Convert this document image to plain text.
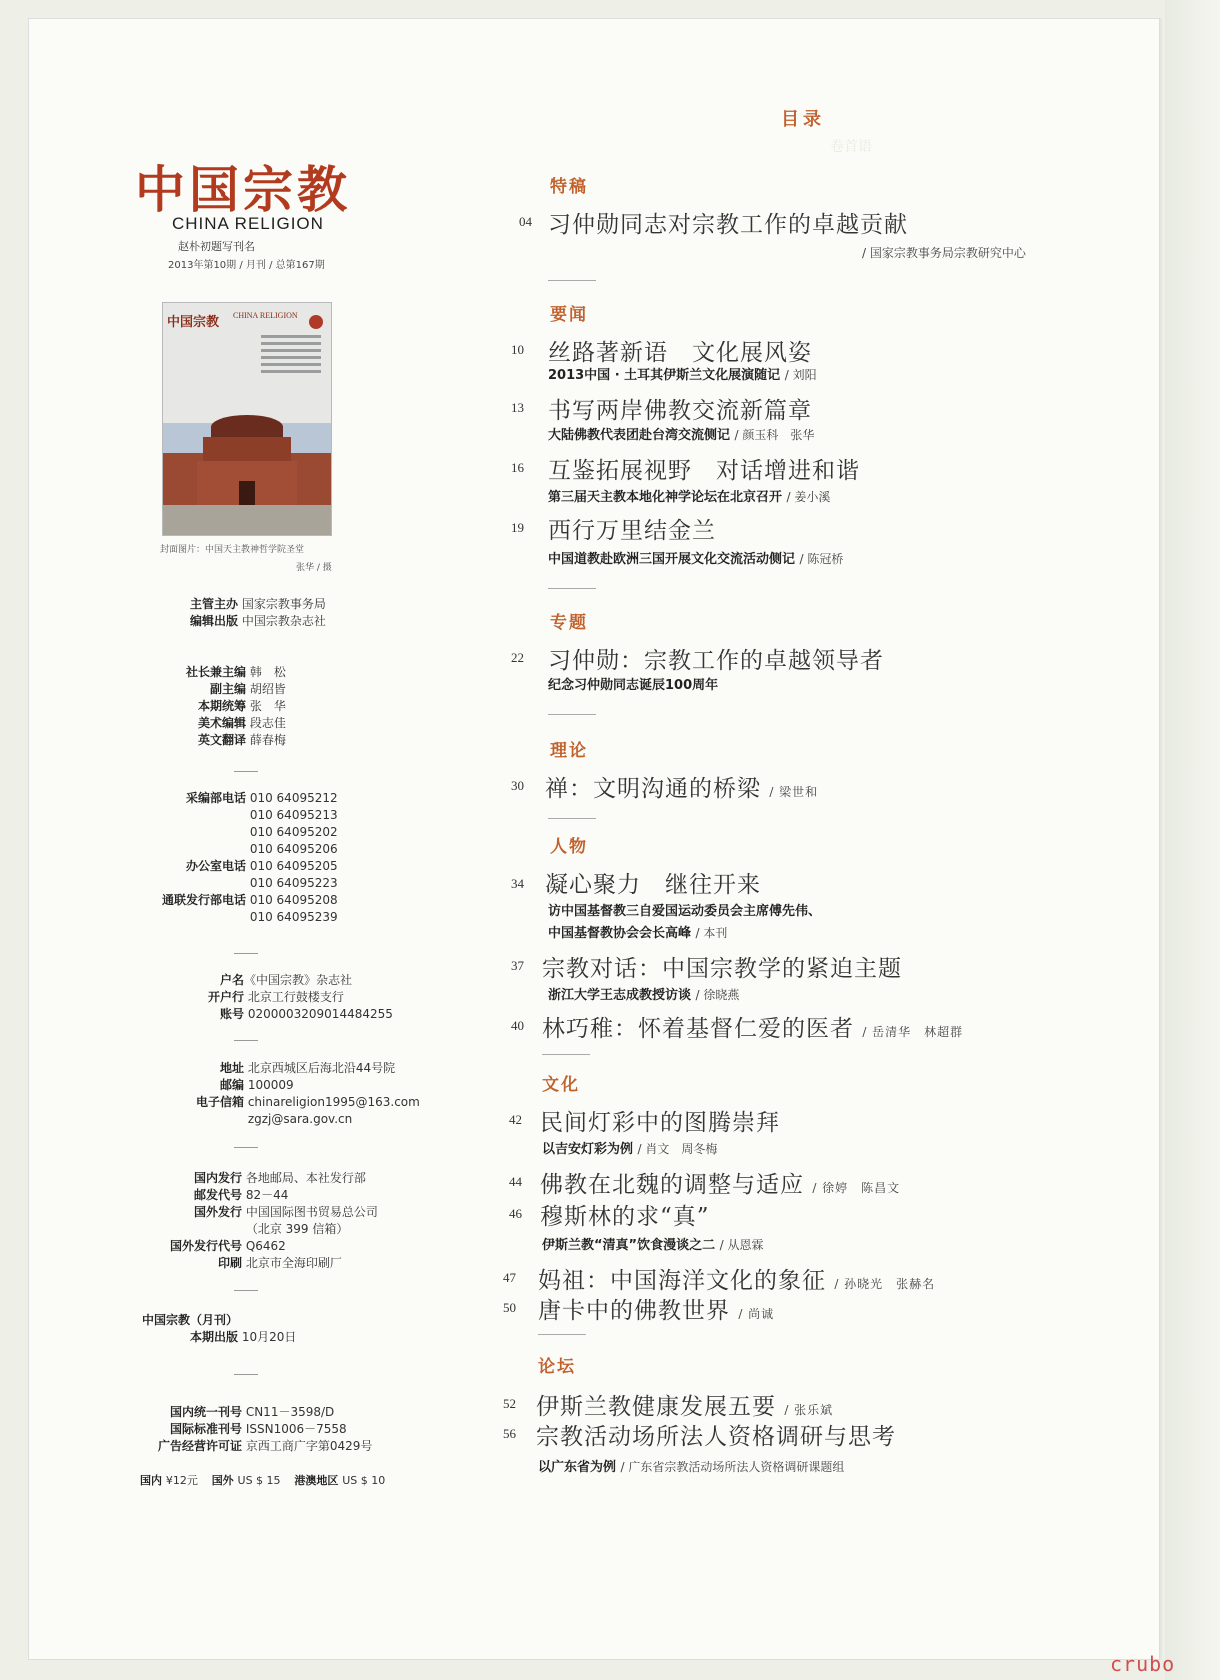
目录
卷首语
中国宗教
CHINA RELIGION
赵朴初题写刊名
2013年第10期 / 月刊 / 总第167期
中国宗教 CHINA RELIGION
封面图片：中国天主教神哲学院圣堂
张华 / 摄
主管主办 国家宗教事务局
编辑出版 中国宗教杂志社
社长兼主编 韩　松
副主编 胡绍皆
本期统筹 张　华
美术编辑 段志佳
英文翻译 薛春梅
采编部电话 010 64095212
010 64095213
010 64095202
010 64095206
办公室电话 010 64095205
010 64095223
通联发行部电话 010 64095208
010 64095239
户名《中国宗教》杂志社
开户行 北京工行鼓楼支行
账号 0200003209014484255
地址 北京西城区后海北沿44号院
邮编 100009
电子信箱 chinareligion1995@163.com
zgzj@sara.gov.cn
国内发行 各地邮局、本社发行部
邮发代号 82－44
国外发行 中国国际图书贸易总公司
（北京 399 信箱）
国外发行代号 Q6462
印刷 北京市全海印刷厂
中国宗教（月刊）
本期出版 10月20日
国内统一刊号 CN11－3598/D
国际标准刊号 ISSN1006－7558
广告经营许可证 京西工商广字第0429号
国内 ¥12元 国外 US $ 15 港澳地区 US $ 10
特稿
04 习仲勋同志对宗教工作的卓越贡献
/ 国家宗教事务局宗教研究中心
要闻
10 丝路著新语　文化展风姿
2013中国 · 土耳其伊斯兰文化展演随记 / 刘阳
13 书写两岸佛教交流新篇章
大陆佛教代表团赴台湾交流侧记 / 颜玉科　张华
16 互鉴拓展视野　对话增进和谐
第三届天主教本地化神学论坛在北京召开 / 姜小溪
19 西行万里结金兰
中国道教赴欧洲三国开展文化交流活动侧记 / 陈冠桥
专题
22 习仲勋：宗教工作的卓越领导者
纪念习仲勋同志诞辰100周年
理论
30 禅：文明沟通的桥梁 / 梁世和
人物
34 凝心聚力　继往开来
访中国基督教三自爱国运动委员会主席傅先伟、
中国基督教协会会长高峰 / 本刊
37 宗教对话：中国宗教学的紧迫主题
浙江大学王志成教授访谈 / 徐晓燕
40 林巧稚：怀着基督仁爱的医者 / 岳清华　林超群
文化
42 民间灯彩中的图腾崇拜
以吉安灯彩为例 / 肖文　周冬梅
44 佛教在北魏的调整与适应 / 徐婷　陈昌文
46 穆斯林的求“真”
伊斯兰教“清真”饮食漫谈之二 / 从恩霖
47 妈祖：中国海洋文化的象征 / 孙晓光　张赫名
50 唐卡中的佛教世界 / 尚诚
论坛
52 伊斯兰教健康发展五要 / 张乐斌
56 宗教活动场所法人资格调研与思考
以广东省为例 / 广东省宗教活动场所法人资格调研课题组
crubo
